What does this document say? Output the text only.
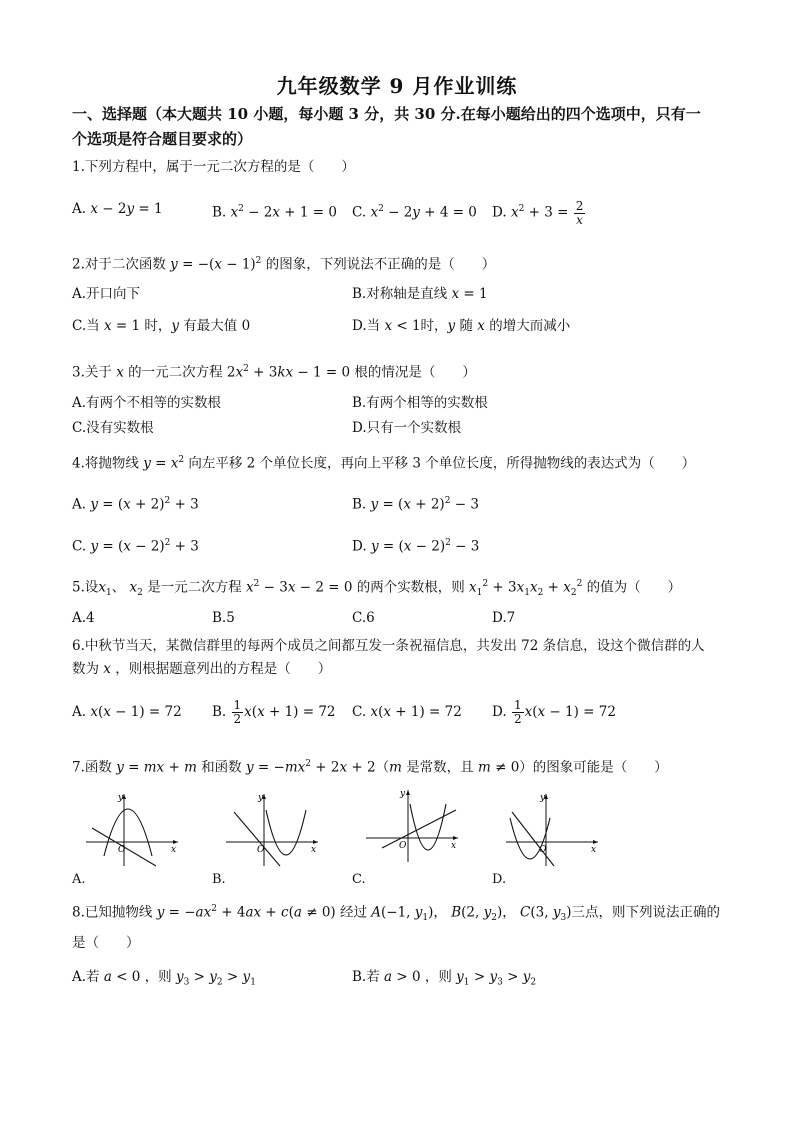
九年级数学 9 月作业训练
一、选择题（本大题共 10 小题，每小题 3 分，共 30 分.在每小题给出的四个选项中，只有一
个选项是符合题目要求的）
1.下列方程中，属于一元二次方程的是（　　）
A. x − 2y = 1	B. $x^2 - 2x + 1 = 0$ C. $x^2 - 2y + 4 = 0$ D. $x^2 + 3 = \frac{2}{x}$
2.对于二次函数 $y = -(x - 1)^2$ 的图象，下列说法不正确的是（　　）
A.开口向下	B.对称轴是直线 x = 1
C.当 x = 1 时，y 有最大值 0	D.当 x < 1时，y 随 x 的增大而减小
3.关于 x 的一元二次方程 $2x^2 + 3kx - 1 = 0$ 根的情况是（　　）
A.有两个不相等的实数根	B.有两个相等的实数根
C.没有实数根	D.只有一个实数根
4.将抛物线 $y = x^2$ 向左平移 2 个单位长度，再向上平移 3 个单位长度，所得抛物线的表达式为（　　）
A. $y = (x + 2)^2 + 3$	B. $y = (x + 2)^2 - 3$
C. $y = (x - 2)^2 + 3$	D. $y = (x - 2)^2 - 3$
5.设$x_1$、 $x_2$ 是一元二次方程 $x^2 - 3x - 2 = 0$ 的两个实数根，则 $x_1^2 + 3x_1x_2 + x_2^2$ 的值为（　　）
A.4	B.5	C.6	D.7
6.中秋节当天，某微信群里的每两个成员之间都互发一条祝福信息，共发出 72 条信息，设这个微信群的人
数为 x ，则根据题意列出的方程是（　　）
A. x(x − 1) = 72 B. $\frac{1}{2} x(x + 1) = 72$ C. x(x + 1) = 72 D. $\frac{1}{2} x(x - 1) = 72$
7.函数 y = mx + m 和函数 $y = -mx^2 + 2x + 2(m$ 是常数，且 m ≠ 0）的图象可能是（　　）
y
x
O
A.
y
x
O
B.
y
x
O
C.
y
x
O
D.
8.已知抛物线 $y = -ax^2 + 4ax + c(a \ne 0)$ 经过 A(−1, $y_1$)， B(2, $y_2$)， C(3, $y_3$)三点，则下列说法正确的
是（　　）
A.若 a < 0 ，则 $y_3 > y_2 > y_1$	B.若 a > 0 ，则 $y_1 > y_3 > y_2$
